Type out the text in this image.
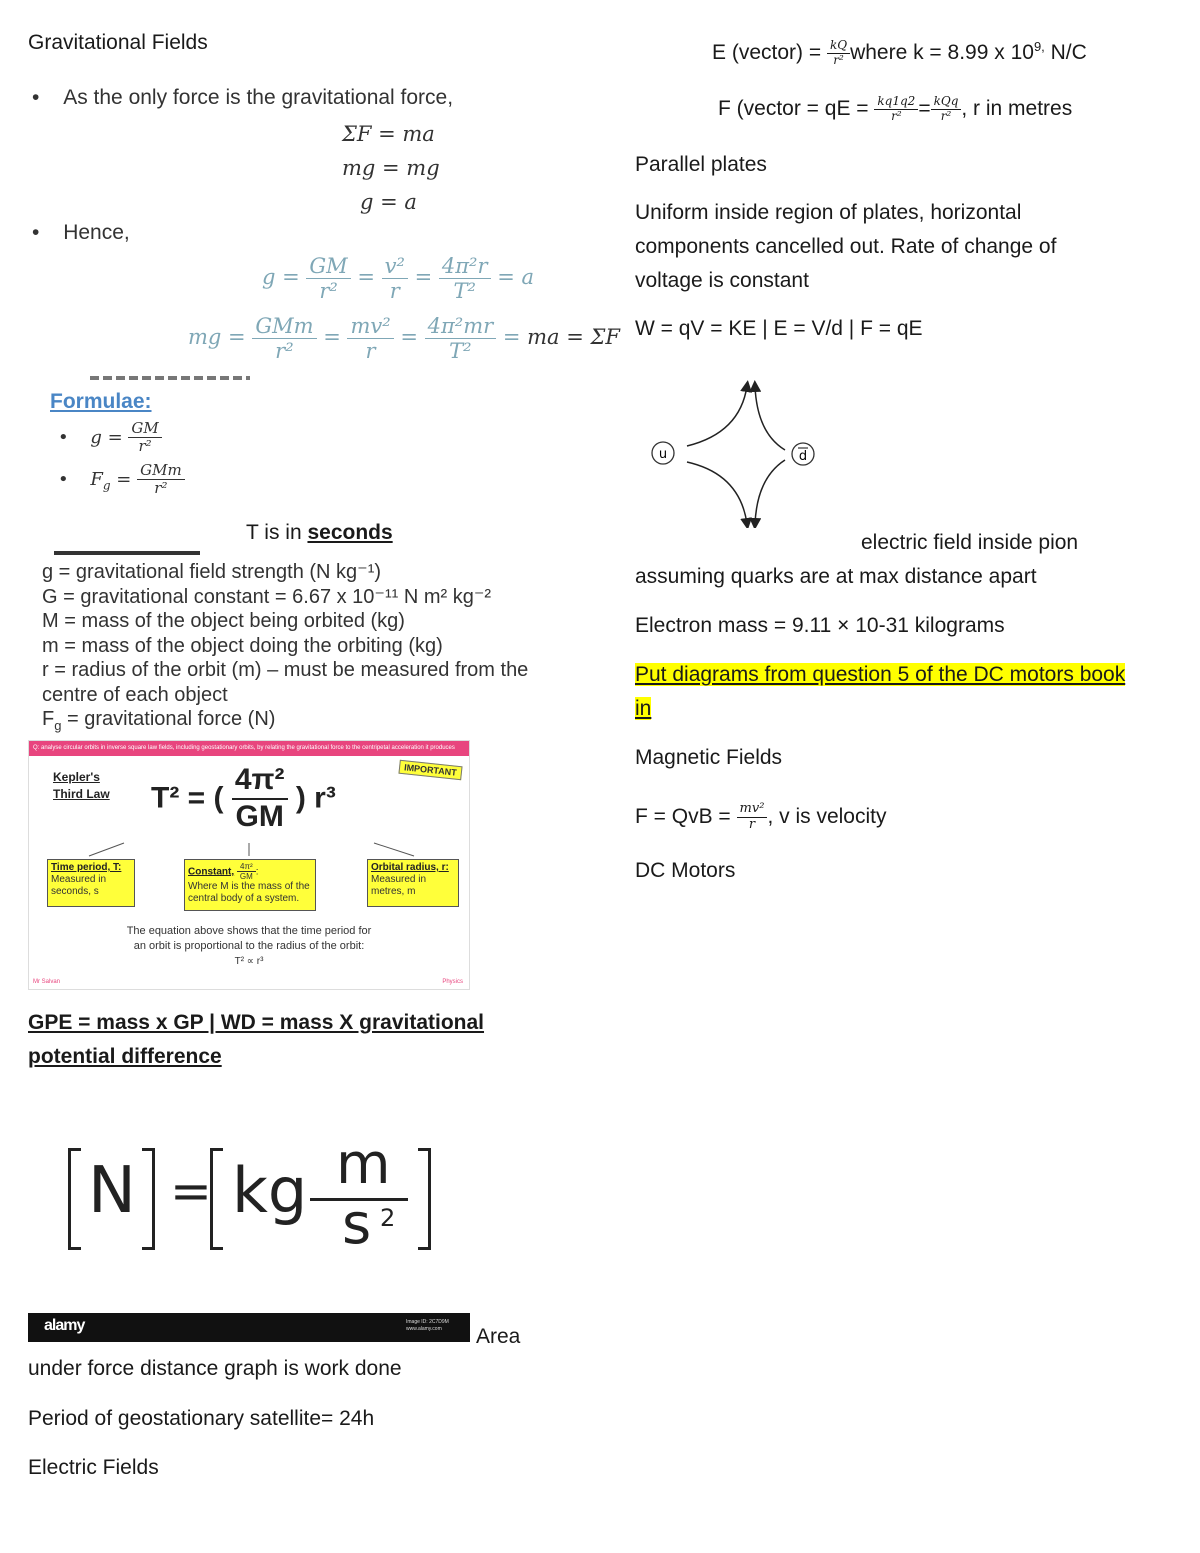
Gravitational Fields
• As the only force is the gravitational force,
ΣF = ma
mg = mg
g = a
• Hence,
$g = \frac{GM}{\text{r²}} = \frac{\text{v²}}{r} = \frac{\text{4π²r}}{\text{T²}} = a$
mg = $\frac{\text{GMm}}{\text{r²}} = \frac{\text{mv²}}{r} = \frac{\text{4π²mr}}{\text{T²}}$ = ma = ΣF
Formulae:
• $g = \frac{GM}{\text{r²}}$
• $F_g = \frac{\text{GMm}}{\text{r²}}$
T is in seconds
g = gravitational field strength (N kg⁻¹)
G = gravitational constant = 6.67 x 10⁻¹¹ N m² kg⁻²
M = mass of the object being orbited (kg)
m = mass of the object doing the orbiting (kg)
r = radius of the orbit (m) – must be measured from the
centre of each object
$F_g$ = gravitational force (N)
Q: analyse circular orbits in inverse square law fields, including geostationary orbits, by relating the gravitational force to the centripetal acceleration it produces
Kepler's
Third Law
IMPORTANT
T² = ( $\frac{\text{4π²}}{GM}$ ) r³
Time period, T:
Measured in seconds, s
Constant, $\frac{\text{4π²}}{GM}$ :
Where M is the mass of the central body of a system.
Orbital radius, r:
Measured in metres, m
The equation above shows that the time period for
an orbit is proportional to the radius of the orbit:
T² ∝ r³
Mr Salvan	Physics
GPE = mass x GP | WD = mass X gravitational
potential difference
N = kg m
s 2
alamy	Image ID: 2C7D9M
www.alamy.com	Area
under force distance graph is work done
Period of geostationary satellite= 24h
Electric Fields
E (vector) = $\frac{kQ}{\text{r²}}$ where k = 8.99 x $10^{9,}$ N/C
F (vector = qE = $\frac{kq1q2}{\text{r²}} = \frac{\text{kQq}}{\text{r²}}$ , r in metres
Parallel plates
Uniform inside region of plates, horizontal
components cancelled out. Rate of change of
voltage is constant
W = qV = KE | E = V/d | F = qE
u	d
electric field inside pion
assuming quarks are at max distance apart
Electron mass = 9.11 × 10-31 kilograms
Put diagrams from question 5 of the DC motors book
in
Magnetic Fields
F = QvB = $\frac{\text{mv²}}{r}$ , v is velocity
DC Motors
